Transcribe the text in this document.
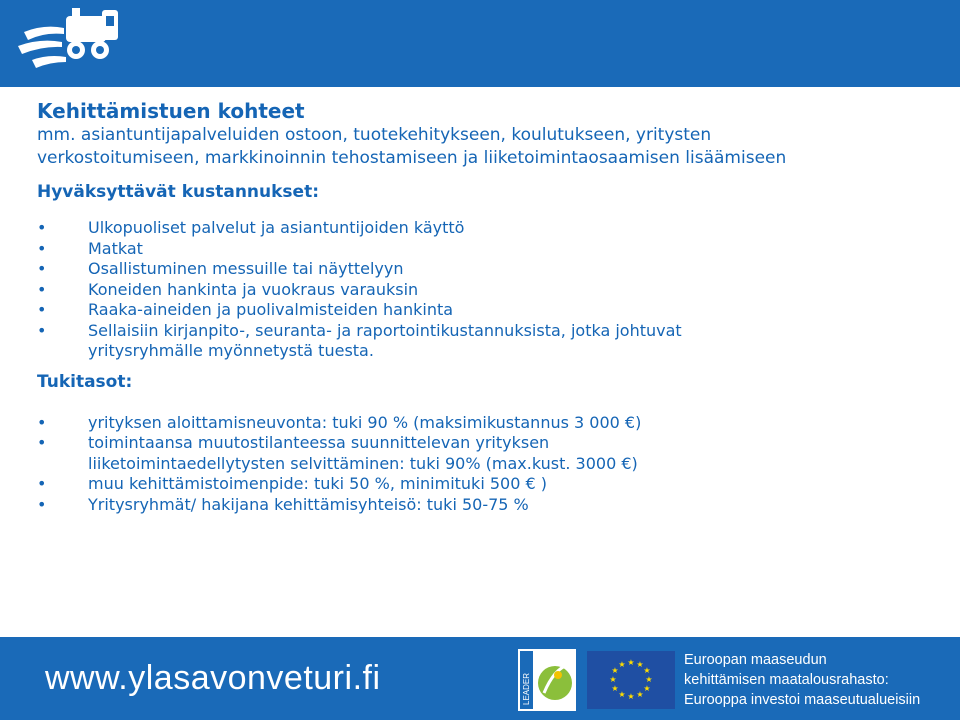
Kehittämistuen kohteet

mm. asiantuntijapalveluiden ostoon, tuotekehitykseen, koulutukseen, yritysten

verkostoitumiseen, markkinoinnin tehostamiseen ja liiketoimintaosaamisen lisäämiseen

Hyväksyttävät kustannukset:

•	Ulkopuoliset palvelut ja asiantuntijoiden käyttö
•	Matkat
•	Osallistuminen messuille tai näyttelyyn
•	Koneiden hankinta ja vuokraus varauksin
•	Raaka-aineiden ja puolivalmisteiden hankinta
•	Sellaisiin kirjanpito-, seuranta- ja raportointikustannuksista, jotka johtuvat yritysryhmälle myönnetystä tuesta.

Tukitasot:

•	yrityksen aloittamisneuvonta: tuki 90 % (maksimikustannus 3 000 €)
•	toimintaansa muutostilanteessa suunnittelevan yrityksen liiketoimintaedellytysten selvittäminen: tuki 90% (max.kust. 3000 €)
•	muu kehittämistoimenpide: tuki 50 %, minimituki 500 € )
•	Yritysryhmät/ hakijana kehittämisyhteisö: tuki 50-75 %
www.ylasavonveturi.fi	LEADER
★ ★
★
★
★
★
★
★
★
★
★
★	Euroopan maaseudun
kehittämisen maatalousrahasto:
Eurooppa investoi maaseutualueisiin
